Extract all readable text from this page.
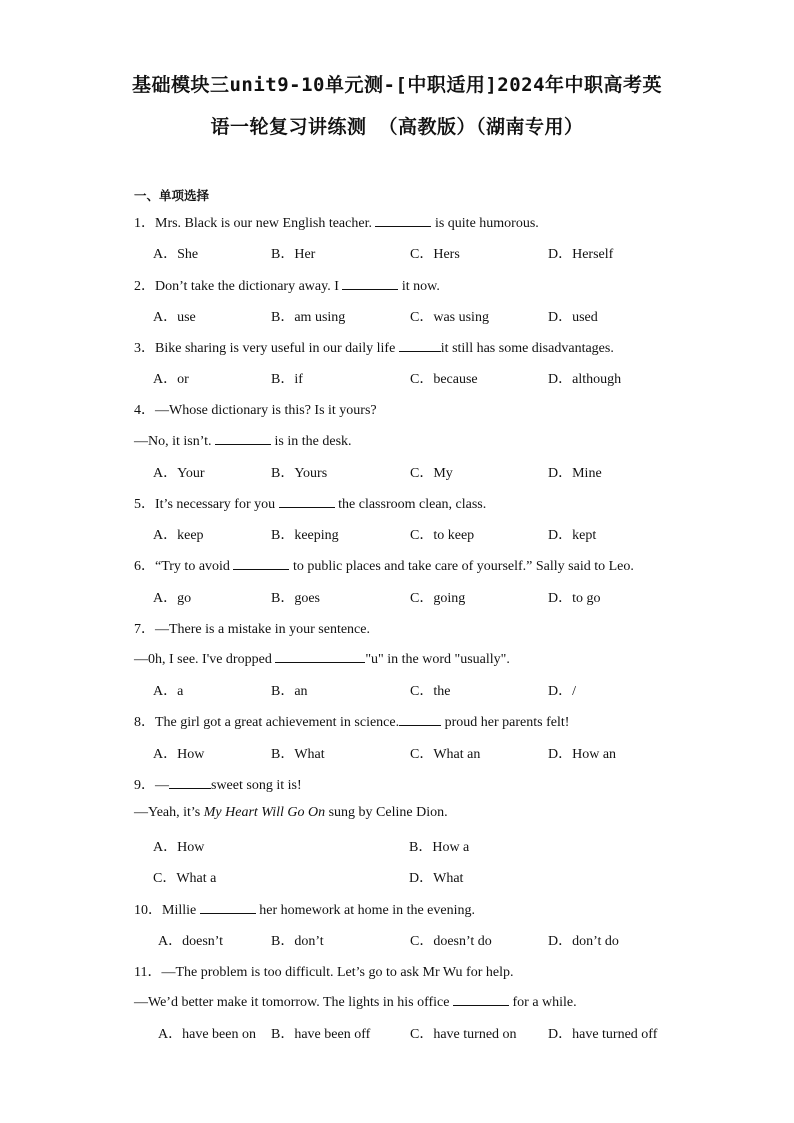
基础模块三unit9-10单元测-[中职适用]2024年中职高考英
语一轮复习讲练测 （高教版）（湖南专用）
一、单项选择
1．Mrs. Black is our new English teacher.	is quite humorous.
A．She	B．Her	C．Hers	D．Herself
2．Don’t take the dictionary away. I	it now.
A．use	B．am using	C．was using	D．used
3．Bike sharing is very useful in our daily life	it still has some disadvantages.
A．or	B．if	C．because	D．although
4．—Whose dictionary is this? Is it yours?
—No, it isn’t.	is in the desk.
A．Your	B．Yours	C．My	D．Mine
5．It’s necessary for you	the classroom clean, class.
A．keep	B．keeping	C．to keep	D．kept
6．“Try to avoid	to public places and take care of yourself.” Sally said to Leo.
A．go	B．goes	C．going	D．to go
7．—There is a mistake in your sentence.
—0h, I see. I've dropped	"u" in the word "usually".
A．a	B．an	C．the	D．/
8．The girl got a great achievement in science.	proud her parents felt!
A．How	B．What	C．What an	D．How an
9．—	sweet song it is!
—Yeah, it’s My Heart Will Go On sung by Celine Dion.
A．How	B．How a
C．What a	D．What
10．Millie	her homework at home in the evening.
A．doesn’t	B．don’t	C．doesn’t do	D．don’t do
11．—The problem is too difficult. Let’s go to ask Mr Wu for help.
—We’d better make it tomorrow. The lights in his office	for a while.
A．have been on B．have been off	C．have turned on D．have turned off
